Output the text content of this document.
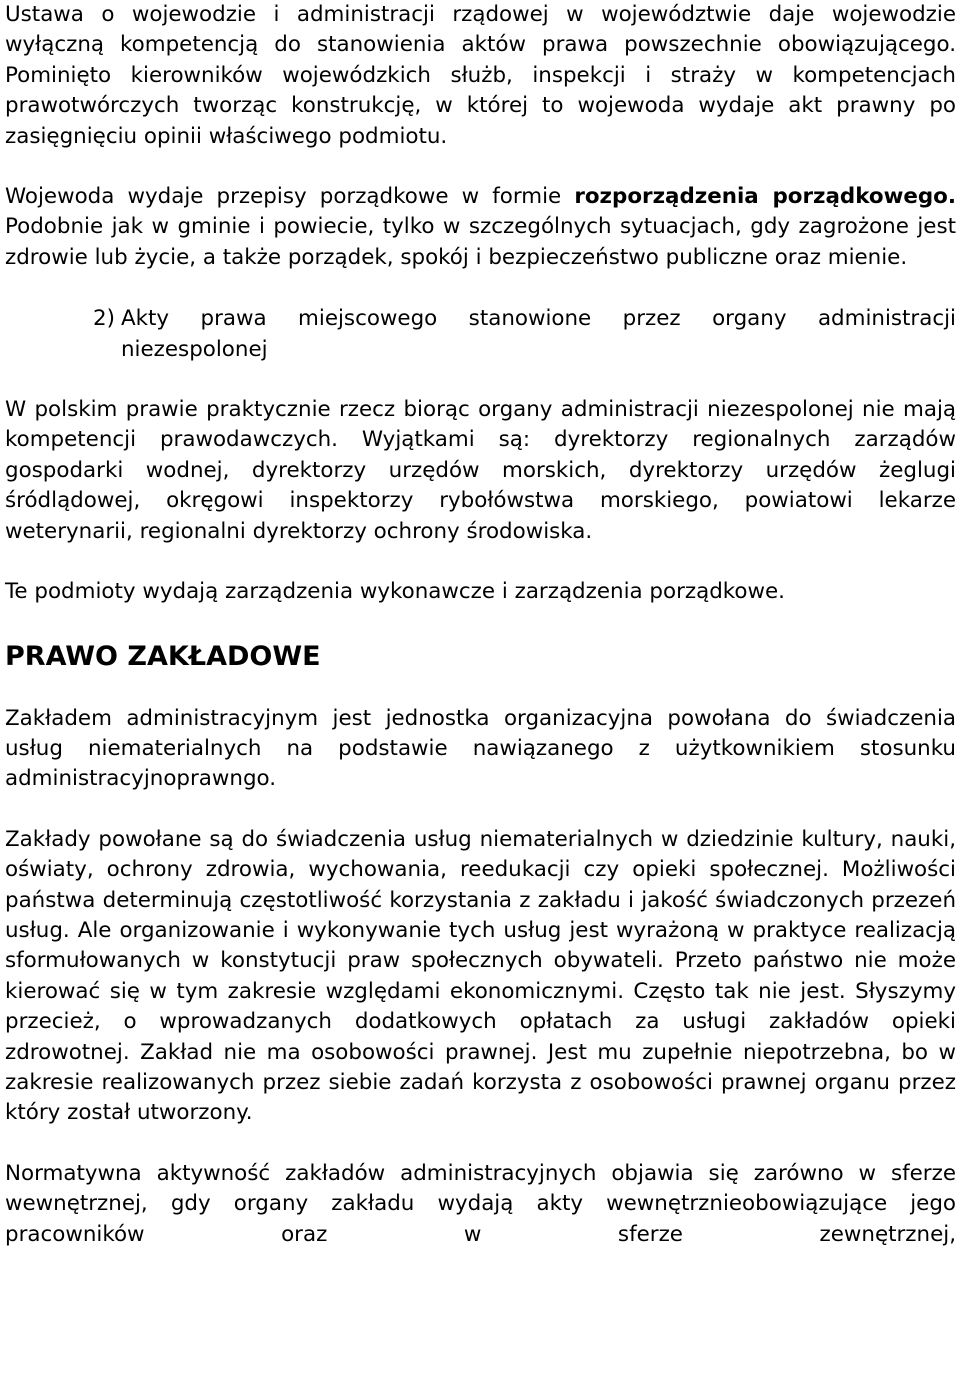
Ustawa o wojewodzie i administracji rządowej w województwie daje wojewodzie wyłączną kompetencją do stanowienia aktów prawa powszechnie obowiązującego. Pominięto kierowników wojewódzkich służb, inspekcji i straży w kompetencjach prawotwórczych tworząc konstrukcję, w której to wojewoda wydaje akt prawny po zasięgnięciu opinii właściwego podmiotu.

Wojewoda wydaje przepisy porządkowe w formie rozporządzenia porządkowego. Podobnie jak w gminie i powiecie, tylko w szczególnych sytuacjach, gdy zagrożone jest zdrowie lub życie, a także porządek, spokój i bezpieczeństwo publiczne oraz mienie.

2) Akty prawa miejscowego stanowione przez organy administracji niezespolonej

W polskim prawie praktycznie rzecz biorąc organy administracji niezespolonej nie mają kompetencji prawodawczych. Wyjątkami są: dyrektorzy regionalnych zarządów gospodarki wodnej, dyrektorzy urzędów morskich, dyrektorzy urzędów żeglugi śródlądowej, okręgowi inspektorzy rybołówstwa morskiego, powiatowi lekarze weterynarii, regionalni dyrektorzy ochrony środowiska.

Te podmioty wydają zarządzenia wykonawcze i zarządzenia porządkowe.

PRAWO ZAKŁADOWE

Zakładem administracyjnym jest jednostka organizacyjna powołana do świadczenia usług niematerialnych na podstawie nawiązanego z użytkownikiem stosunku administracyjnoprawngo.

Zakłady powołane są do świadczenia usług niematerialnych w dziedzinie kultury, nauki, oświaty, ochrony zdrowia, wychowania, reedukacji czy opieki społecznej. Możliwości państwa determinują częstotliwość korzystania z zakładu i jakość świadczonych przezeń usług. Ale organizowanie i wykonywanie tych usług jest wyrażoną w praktyce realizacją sformułowanych w konstytucji praw społecznych obywateli. Przeto państwo nie może kierować się w tym zakresie względami ekonomicznymi. Często tak nie jest. Słyszymy przecież, o wprowadzanych dodatkowych opłatach za usługi zakładów opieki zdrowotnej. Zakład nie ma osobowości prawnej. Jest mu zupełnie niepotrzebna, bo w zakresie realizowanych przez siebie zadań korzysta z osobowości prawnej organu przez który został utworzony.

Normatywna aktywność zakładów administracyjnych objawia się zarówno w sferze wewnętrznej, gdy organy zakładu wydają akty wewnętrznieobowiązujące jego pracowników oraz w sferze zewnętrznej,
